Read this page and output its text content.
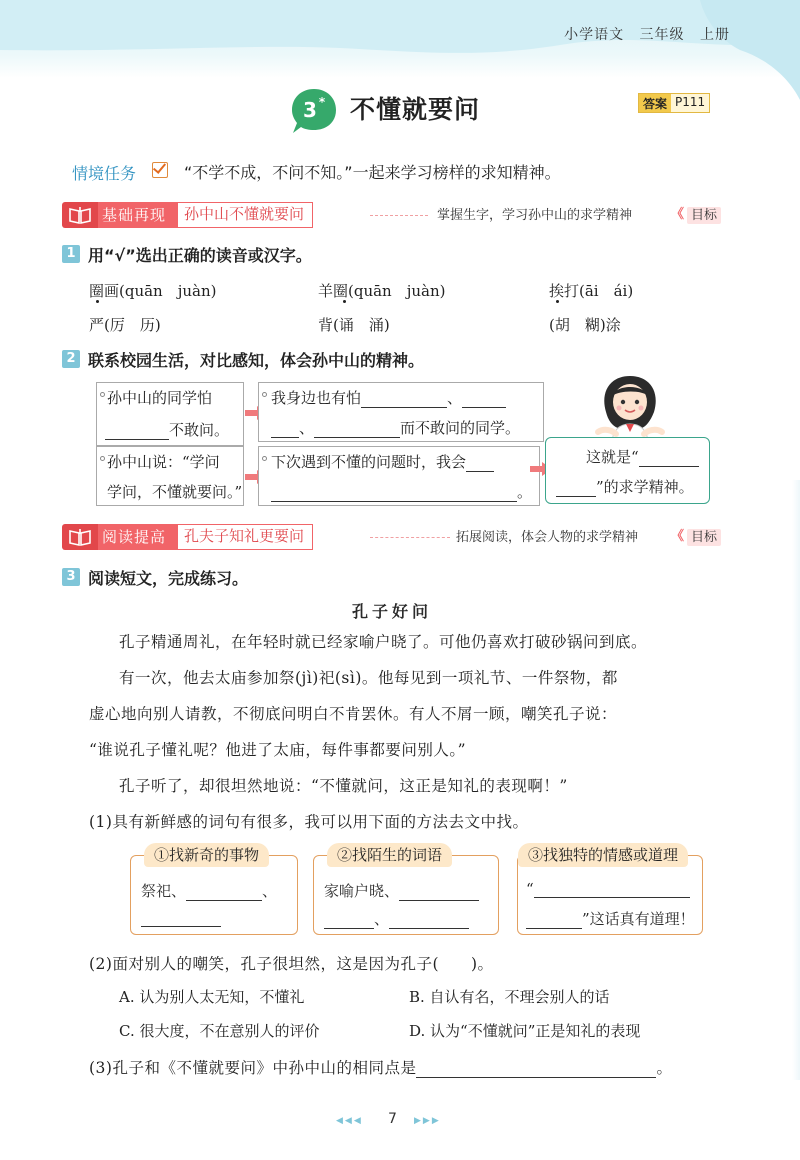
小学语文 三年级 上册
3 * 不懂就要问	答案 P111
情境任务	“不学不成，不问不知。”一起来学习榜样的求知精神。
基础再现	孙中山不懂就要问	掌握生字，学习孙中山的求学精神	《 目标
1 用“√”选出正确的读音或汉字。
圈画(quān　juàn)	羊圈(quān　juàn)	挨打(āi　ái)
严(厉　历)	背(诵　涌)	(胡　糊)涂
2 联系校园生活，对比感知，体会孙中山的精神。
孙中山的同学怕
不敢问。
我身边也有怕	、
、	而不敢问的同学。
孙中山说：“学问
学问，不懂就要问。”
下次遇到不懂的问题时，我会
。
这就是“
”的求学精神。
阅读提高	孔夫子知礼更要问	拓展阅读，体会人物的求学精神	《 目标
3 阅读短文，完成练习。
孔子好问
孔子精通周礼，在年轻时就已经家喻户晓了。可他仍喜欢打破砂锅问到底。
有一次，他去太庙参加祭(jì)祀(sì)。他每见到一项礼节、一件祭物，都
虚心地向别人请教，不彻底问明白不肯罢休。有人不屑一顾，嘲笑孔子说：
“谁说孔子懂礼呢？他进了太庙，每件事都要问别人。”
孔子听了，却很坦然地说：“不懂就问，这正是知礼的表现啊！”
(1)具有新鲜感的词句有很多，我可以用下面的方法去文中找。
祭祀、	、
①找新奇的事物
家喻户晓、
、
②找陌生的词语
“
”这话真有道理！
③找独特的情感或道理
(2)面对别人的嘲笑，孔子很坦然，这是因为孔子(　　)。
A. 认为别人太无知，不懂礼	B. 自认有名，不理会别人的话
C. 很大度，不在意别人的评价	D. 认为“不懂就问”正是知礼的表现
(3)孔子和《不懂就要问》中孙中山的相同点是	。
◀◀◀ 7 ▶▶▶
